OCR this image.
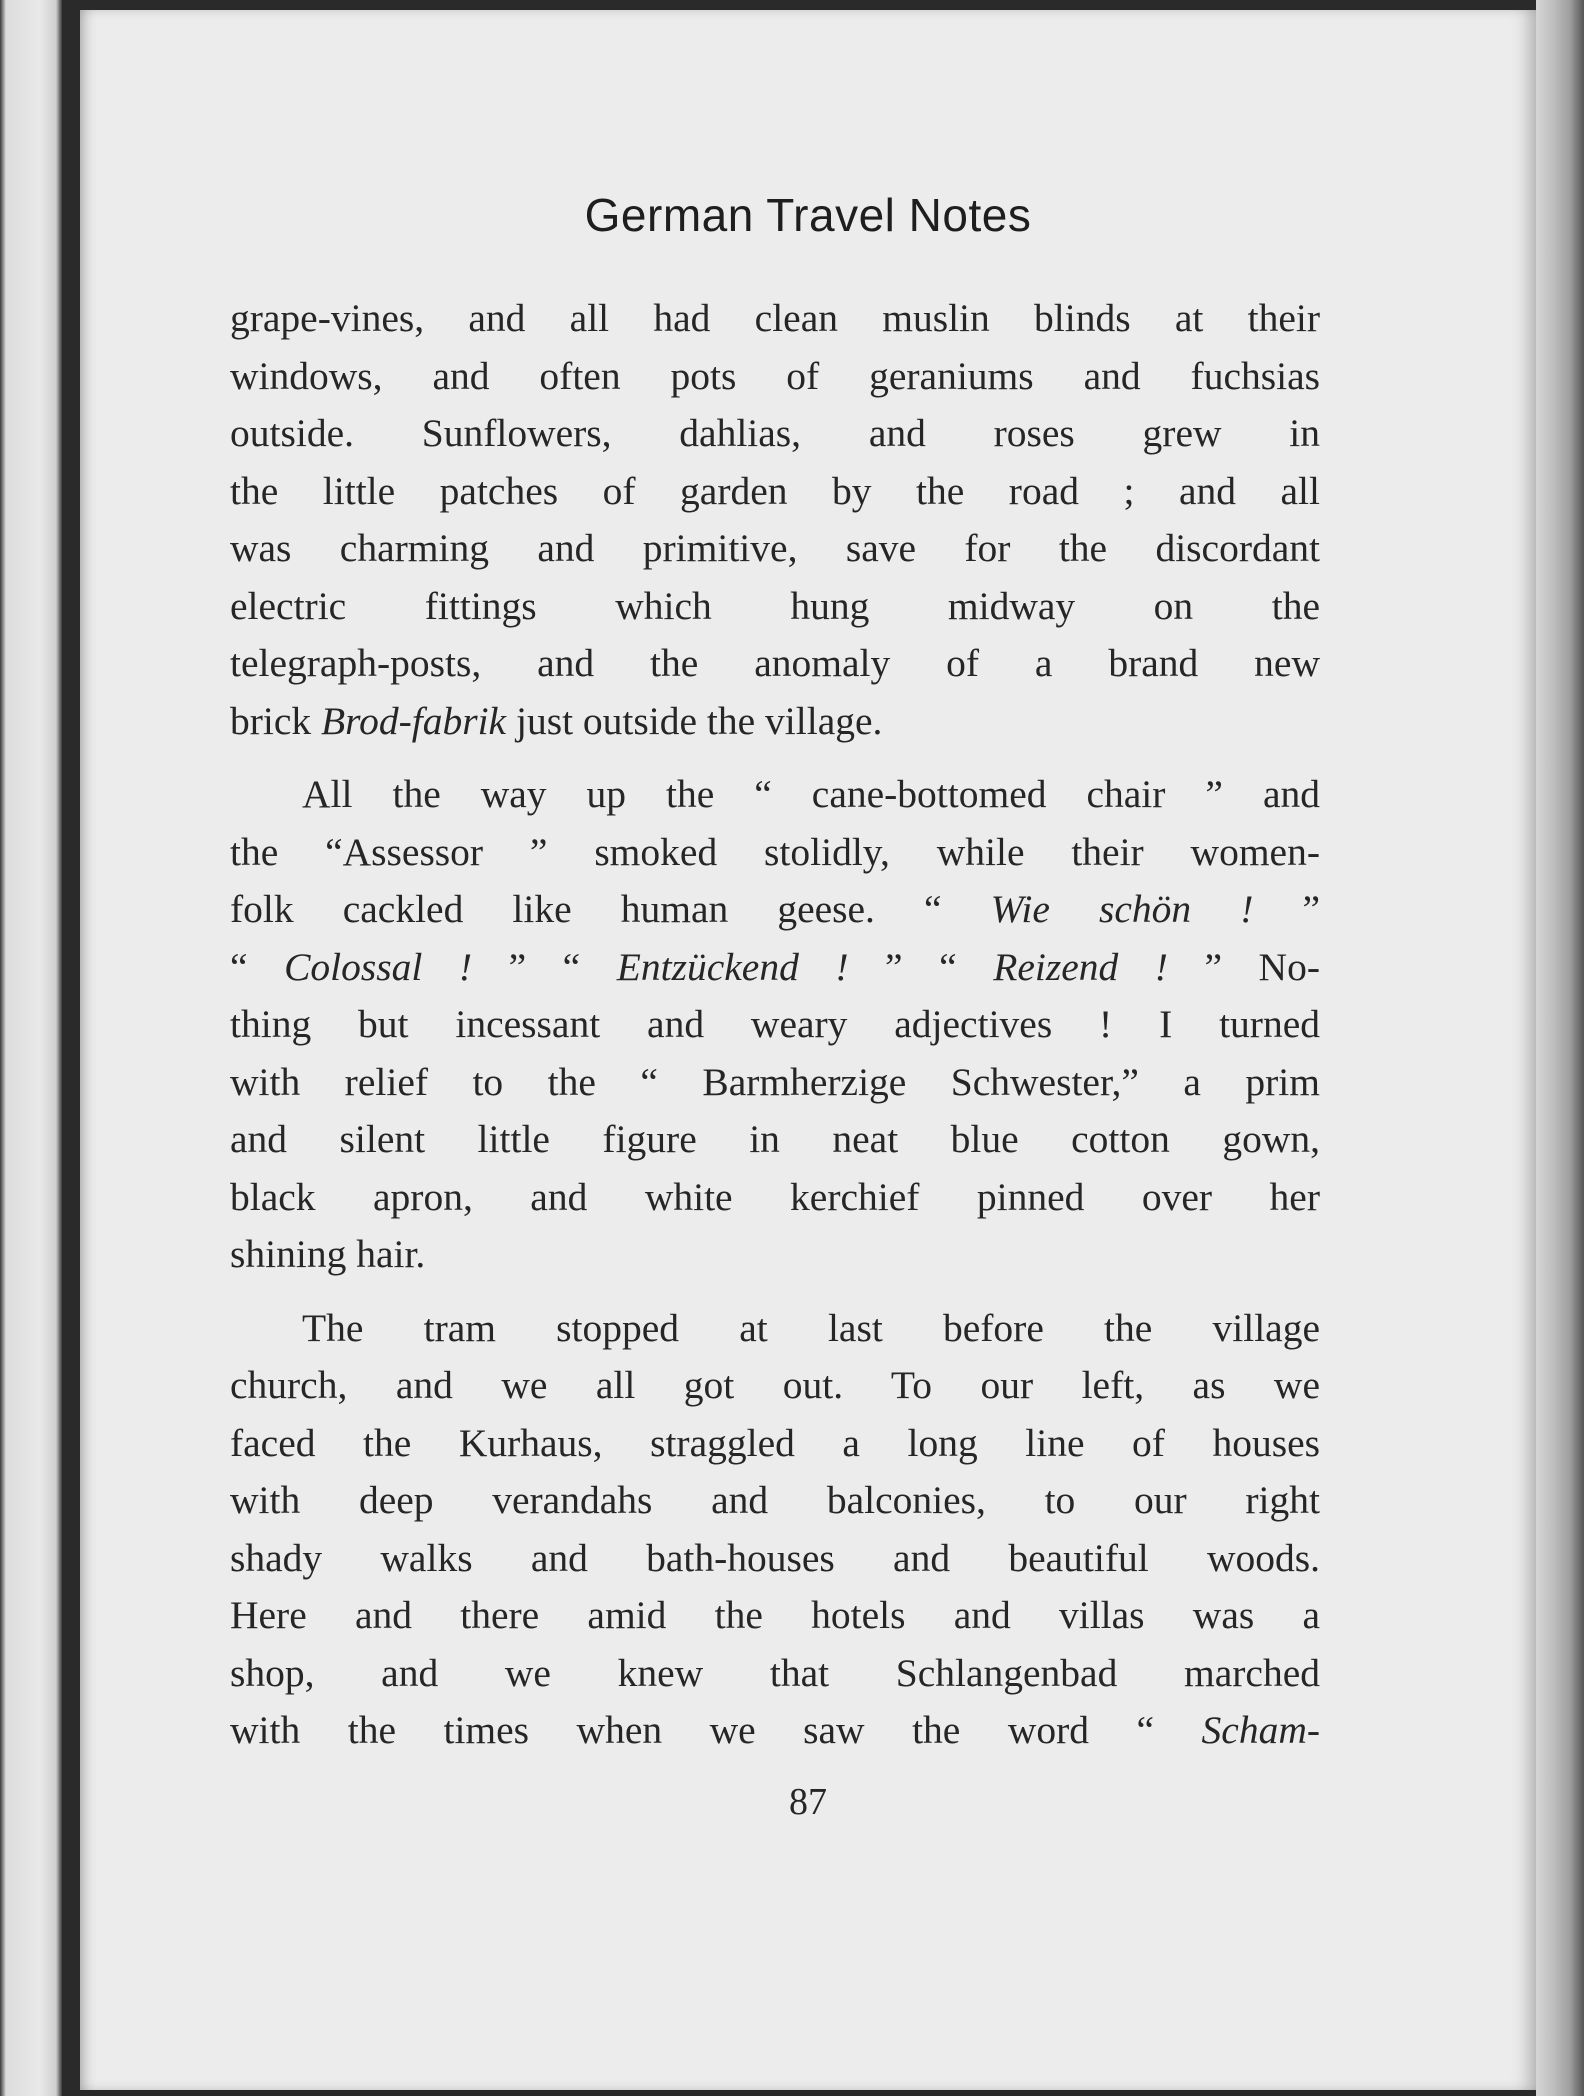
German Travel Notes
grape-vines, and all had clean muslin blinds at their
windows, and often pots of geraniums and fuchsias
outside. Sunflowers, dahlias, and roses grew in
the little patches of garden by the road ; and all
was charming and primitive, save for the discordant
electric fittings which hung midway on the
telegraph-posts, and the anomaly of a brand new
brick Brod-fabrik just outside the village.
All the way up the “ cane-bottomed chair ” and
the “Assessor ” smoked stolidly, while their women-
folk cackled like human geese. “ Wie schön ! ”
“ Colossal ! ” “ Entzückend ! ” “ Reizend ! ” No-
thing but incessant and weary adjectives ! I turned
with relief to the “ Barmherzige Schwester,” a prim
and silent little figure in neat blue cotton gown,
black apron, and white kerchief pinned over her
shining hair.
The tram stopped at last before the village
church, and we all got out. To our left, as we
faced the Kurhaus, straggled a long line of houses
with deep verandahs and balconies, to our right
shady walks and bath-houses and beautiful woods.
Here and there amid the hotels and villas was a
shop, and we knew that Schlangenbad marched
with the times when we saw the word “ Scham-
87
